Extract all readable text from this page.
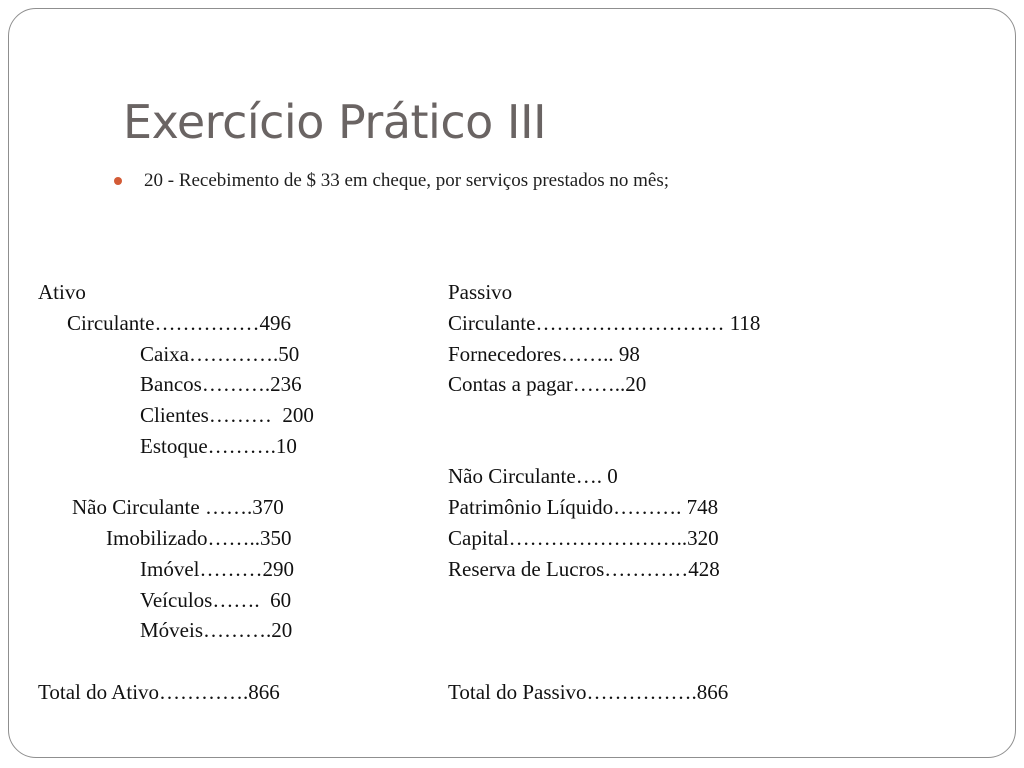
Exercício Prático III
20 - Recebimento de $ 33 em cheque, por serviços prestados no mês;
Ativo
Circulante……………496
Caixa………….50
Bancos……….236
Clientes………  200
Estoque……….10
Não Circulante …….370
Imobilizado……..350
Imóvel………290
Veículos…….  60
Móveis……….20
Total do Ativo………….866
Passivo
Circulante……………………… 118
Fornecedores…….. 98
Contas a pagar……..20
Não Circulante…. 0
Patrimônio Líquido………. 748
Capital……………………..320
Reserva de Lucros…………428
Total do Passivo…………….866
